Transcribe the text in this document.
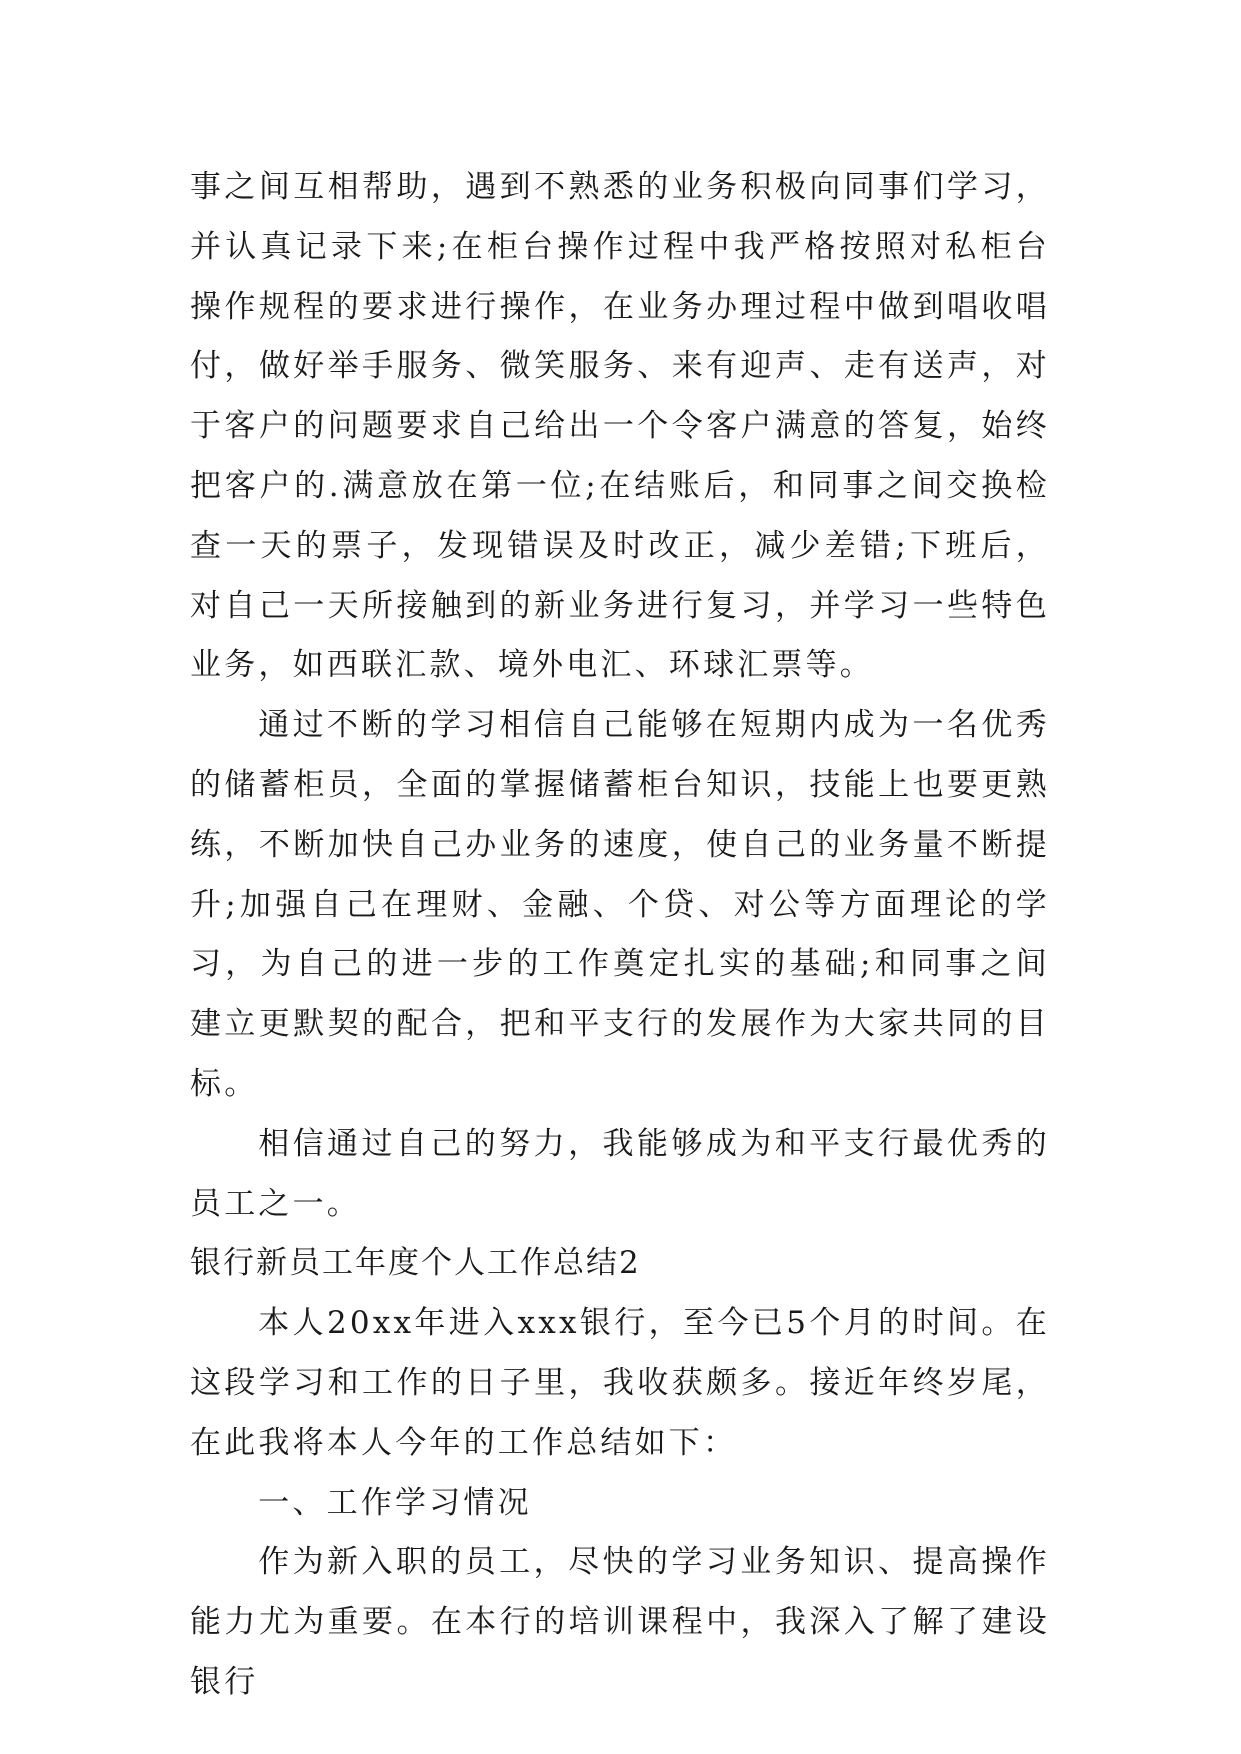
事之间互相帮助，遇到不熟悉的业务积极向同事们学习，并认真记录下来;在柜台操作过程中我严格按照对私柜台操作规程的要求进行操作，在业务办理过程中做到唱收唱付，做好举手服务、微笑服务、来有迎声、走有送声，对于客户的问题要求自己给出一个令客户满意的答复，始终把客户的.满意放在第一位;在结账后，和同事之间交换检查一天的票子，发现错误及时改正，减少差错;下班后，对自己一天所接触到的新业务进行复习，并学习一些特色业务，如西联汇款、境外电汇、环球汇票等。

通过不断的学习相信自己能够在短期内成为一名优秀的储蓄柜员，全面的掌握储蓄柜台知识，技能上也要更熟练，不断加快自己办业务的速度，使自己的业务量不断提升;加强自己在理财、金融、个贷、对公等方面理论的学习，为自己的进一步的工作奠定扎实的基础;和同事之间建立更默契的配合，把和平支行的发展作为大家共同的目标。

相信通过自己的努力，我能够成为和平支行最优秀的员工之一。

银行新员工年度个人工作总结2

本人20xx年进入xxx银行，至今已5个月的时间。在这段学习和工作的日子里，我收获颇多。接近年终岁尾，在此我将本人今年的工作总结如下：

一、工作学习情况

作为新入职的员工，尽快的学习业务知识、提高操作能力尤为重要。在本行的培训课程中，我深入了解了建设银行
